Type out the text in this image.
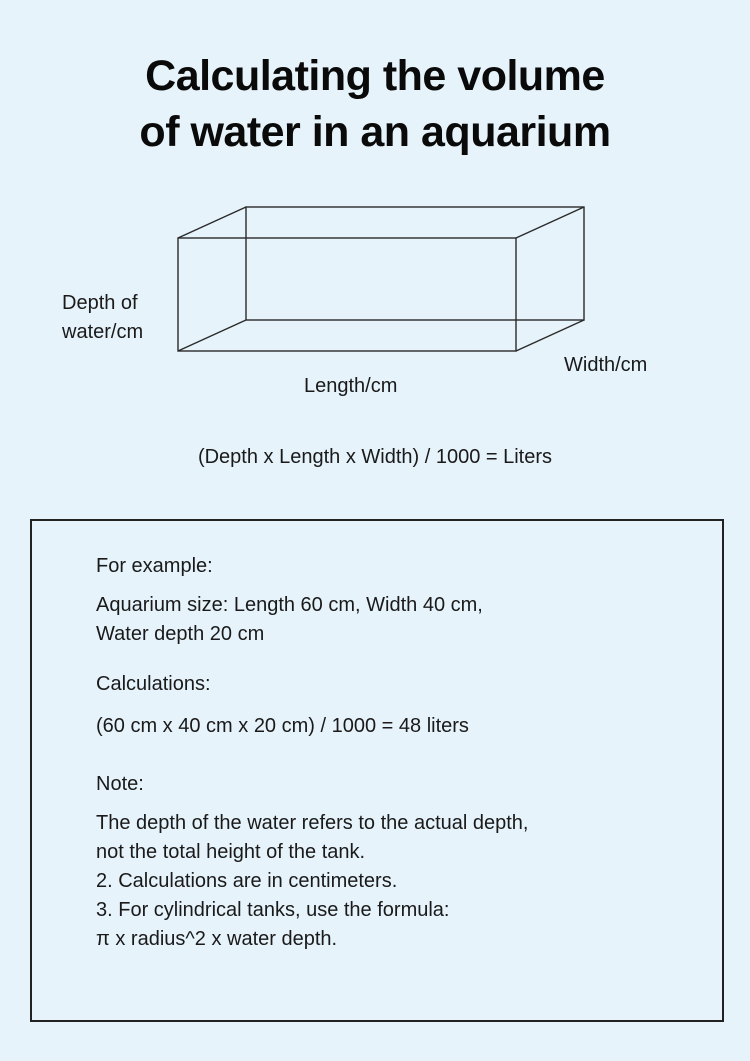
Calculating the volume
of water in an aquarium
Depth of
water/cm
Length/cm
Width/cm
(Depth x Length x Width) / 1000 = Liters
For example:
Aquarium size: Length 60 cm, Width 40 cm,
Water depth 20 cm
Calculations:
(60 cm x 40 cm x 20 cm) / 1000 = 48 liters
Note:
The depth of the water refers to the actual depth,
not the total height of the tank.
2. Calculations are in centimeters.
3. For cylindrical tanks, use the formula:
π x radius^2 x water depth.
